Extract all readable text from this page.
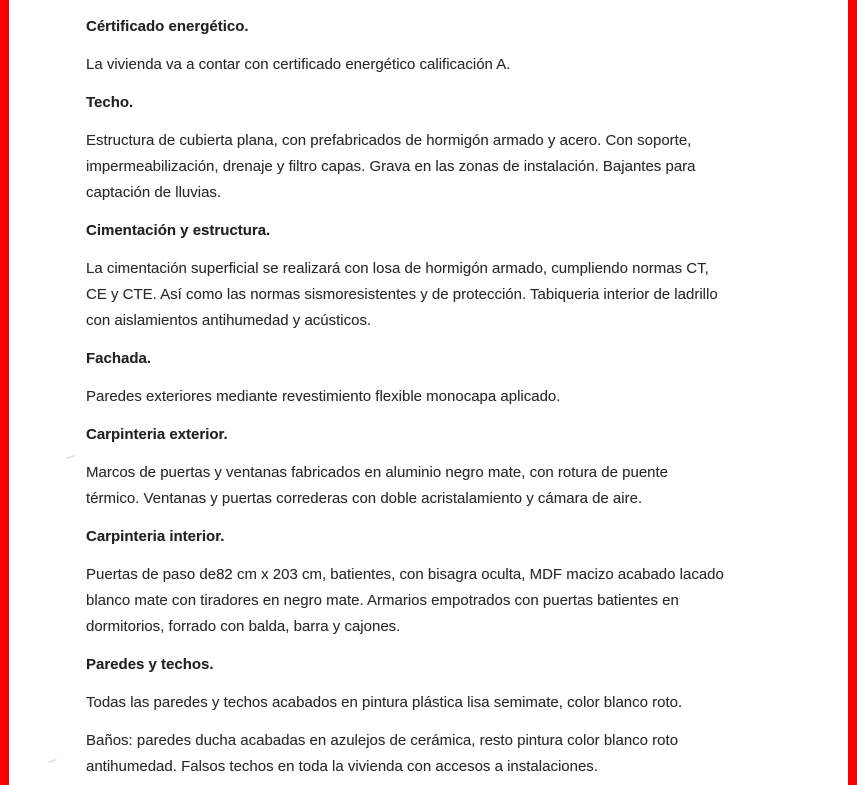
Cértificado energético.
La vivienda va a contar con certificado energético calificación A.
Techo.
Estructura de cubierta plana, con prefabricados de hormigón armado y acero. Con soporte,
impermeabilización, drenaje y filtro capas. Grava en las zonas de instalación. Bajantes para
captación de lluvias.
Cimentación y estructura.
La cimentación superficial se realizará con losa de hormigón armado, cumpliendo normas CT,
CE y CTE. Así como las normas sismoresistentes y de protección. Tabiqueria interior de ladrillo
con aislamientos antihumedad y acústicos.
Fachada.
Paredes exteriores mediante revestimiento flexible monocapa aplicado.
Carpinteria exterior.
Marcos de puertas y ventanas fabricados en aluminio negro mate, con rotura de puente
térmico. Ventanas y puertas correderas con doble acristalamiento y cámara de aire.
Carpinteria interior.
Puertas de paso de82 cm x 203 cm, batientes, con bisagra oculta, MDF macizo acabado lacado
blanco mate con tiradores en negro mate. Armarios empotrados con puertas batientes en
dormitorios, forrado con balda, barra y cajones.
Paredes y techos.
Todas las paredes y techos acabados en pintura plástica lisa semimate, color blanco roto.
Baños: paredes ducha acabadas en azulejos de cerámica, resto pintura color blanco roto
antihumedad. Falsos techos en toda la vivienda con accesos a instalaciones.
